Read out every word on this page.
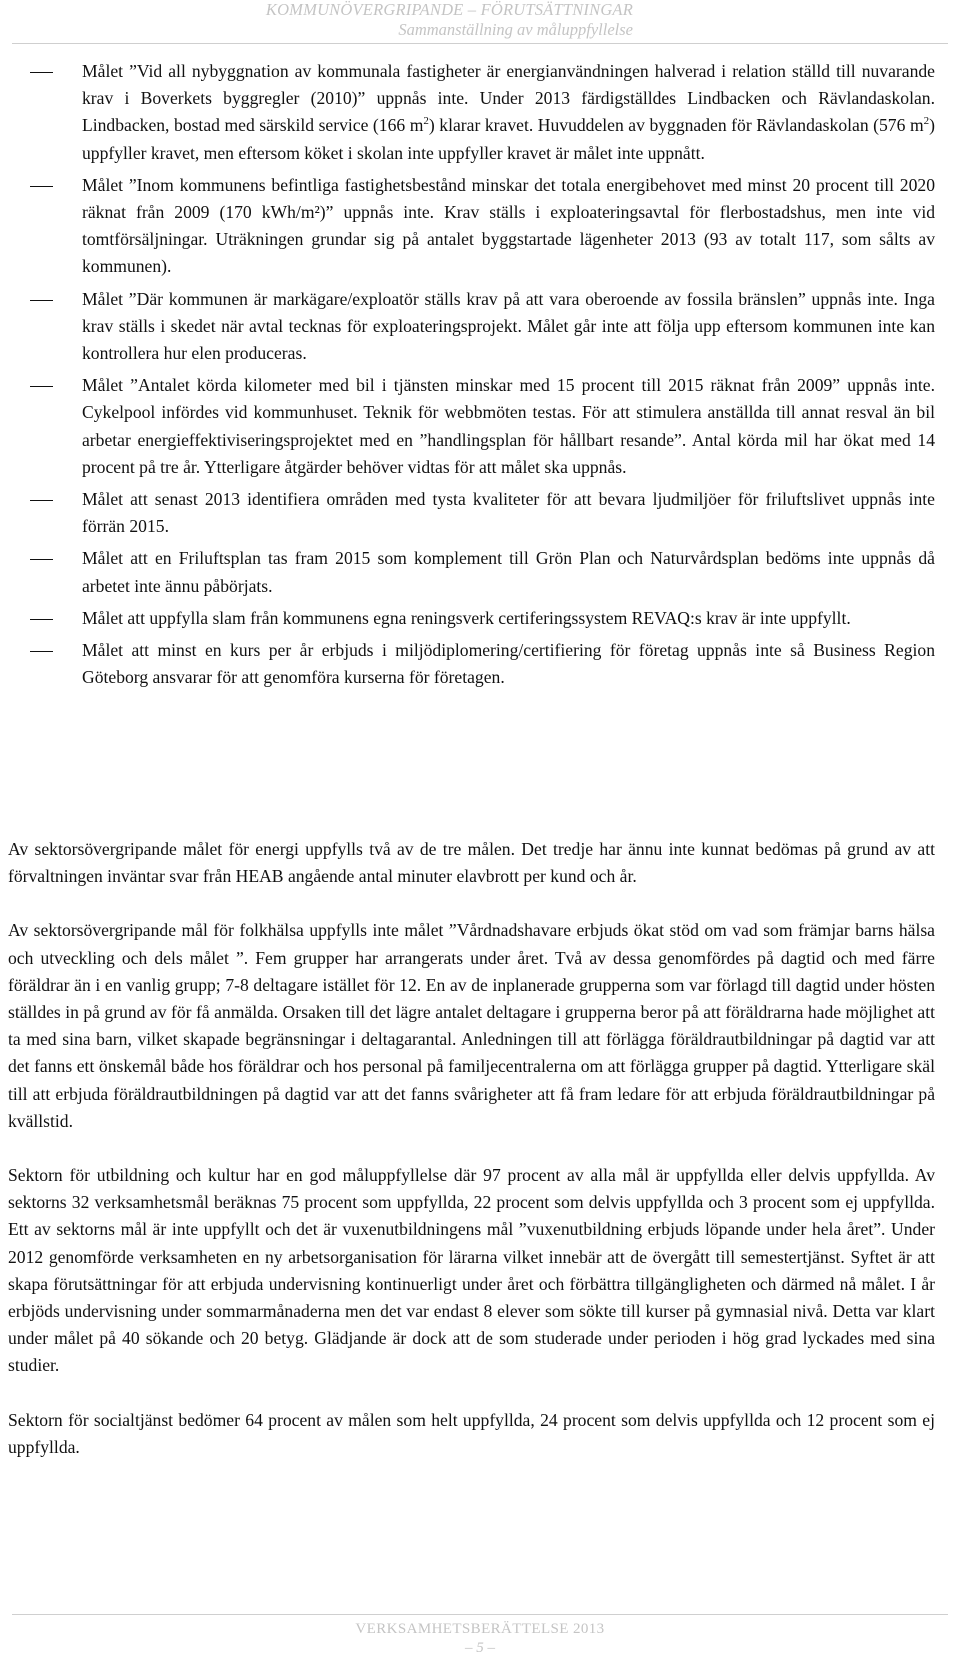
KOMMUNÖVERGRIPANDE – FÖRUTSÄTTNINGAR
Sammanställning av måluppfyllelse
Målet ”Vid all nybyggnation av kommunala fastigheter är energianvändningen halverad i relation ställd till nuvarande krav i Boverkets byggregler (2010)” uppnås inte. Under 2013 färdigställdes Lindbacken och Rävlandaskolan. Lindbacken, bostad med särskild service (166 $m^2$) klarar kravet. Huvuddelen av byggnaden för Rävlandaskolan (576 $m^2$) uppfyller kravet, men eftersom köket i skolan inte uppfyller kravet är målet inte uppnått.
Målet ”Inom kommunens befintliga fastighetsbestånd minskar det totala energibehovet med minst 20 procent till 2020 räknat från 2009 (170 kWh/m²)” uppnås inte. Krav ställs i exploateringsavtal för flerbostadshus, men inte vid tomtförsäljningar. Uträkningen grundar sig på antalet byggstartade lägenheter 2013 (93 av totalt 117, som sålts av kommunen).
Målet ”Där kommunen är markägare/exploatör ställs krav på att vara oberoende av fossila bränslen” uppnås inte. Inga krav ställs i skedet när avtal tecknas för exploateringsprojekt. Målet går inte att följa upp eftersom kommunen inte kan kontrollera hur elen produceras.
Målet ”Antalet körda kilometer med bil i tjänsten minskar med 15 procent till 2015 räknat från 2009” uppnås inte. Cykelpool infördes vid kommunhuset. Teknik för webbmöten testas. För att stimulera anställda till annat resval än bil arbetar energieffektiviseringsprojektet med en ”handlingsplan för hållbart resande”. Antal körda mil har ökat med 14 procent på tre år. Ytterligare åtgärder behöver vidtas för att målet ska uppnås.
Målet att senast 2013 identifiera områden med tysta kvaliteter för att bevara ljudmiljöer för friluftslivet uppnås inte förrän 2015.
Målet att en Friluftsplan tas fram 2015 som komplement till Grön Plan och Naturvårdsplan bedöms inte uppnås då arbetet inte ännu påbörjats.
Målet att uppfylla slam från kommunens egna reningsverk certiferingssystem REVAQ:s krav är inte uppfyllt.
Målet att minst en kurs per år erbjuds i miljödiplomering/certifiering för företag uppnås inte så Business Region Göteborg ansvarar för att genomföra kurserna för företagen.

Av sektorsövergripande målet för energi uppfylls två av de tre målen. Det tredje har ännu inte kunnat bedömas på grund av att förvaltningen inväntar svar från HEAB angående antal minuter elavbrott per kund och år.

Av sektorsövergripande mål för folkhälsa uppfylls inte målet ”Vårdnadshavare erbjuds ökat stöd om vad som främjar barns hälsa och utveckling och dels målet ”. Fem grupper har arrangerats under året. Två av dessa genomfördes på dagtid och med färre föräldrar än i en vanlig grupp; 7-8 deltagare istället för 12. En av de inplanerade grupperna som var förlagd till dagtid under hösten ställdes in på grund av för få anmälda. Orsaken till det lägre antalet deltagare i grupperna beror på att föräldrarna hade möjlighet att ta med sina barn, vilket skapade begränsningar i deltagarantal. Anledningen till att förlägga föräldrautbildningar på dagtid var att det fanns ett önskemål både hos föräldrar och hos personal på familjecentralerna om att förlägga grupper på dagtid. Ytterligare skäl till att erbjuda föräldrautbildningen på dagtid var att det fanns svårigheter att få fram ledare för att erbjuda föräldrautbildningar på kvällstid.

Sektorn för utbildning och kultur har en god måluppfyllelse där 97 procent av alla mål är uppfyllda eller delvis uppfyllda. Av sektorns 32 verksamhetsmål beräknas 75 procent som uppfyllda, 22 procent som delvis uppfyllda och 3 procent som ej uppfyllda. Ett av sektorns mål är inte uppfyllt och det är vuxenutbildningens mål ”vuxenutbildning erbjuds löpande under hela året”. Under 2012 genomförde verksamheten en ny arbetsorganisation för lärarna vilket innebär att de övergått till semestertjänst. Syftet är att skapa förutsättningar för att erbjuda undervisning kontinuerligt under året och förbättra tillgängligheten och därmed nå målet. I år erbjöds undervisning under sommarmånaderna men det var endast 8 elever som sökte till kurser på gymnasial nivå. Detta var klart under målet på 40 sökande och 20 betyg. Glädjande är dock att de som studerade under perioden i hög grad lyckades med sina studier.

Sektorn för socialtjänst bedömer 64 procent av målen som helt uppfyllda, 24 procent som delvis uppfyllda och 12 procent som ej uppfyllda.

VERKSAMHETSBERÄTTELSE 2013
– 5 –
